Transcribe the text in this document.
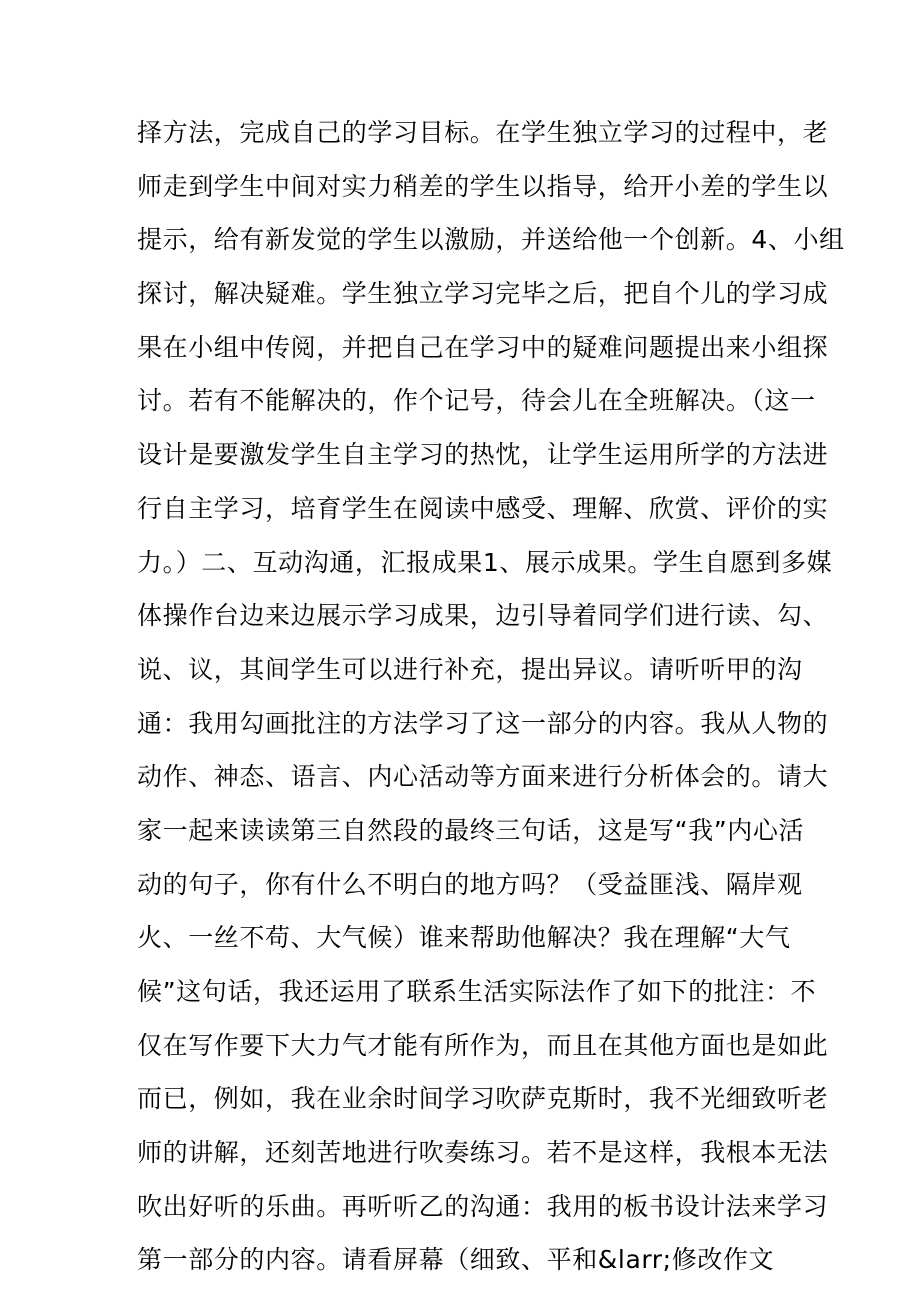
择方法，完成自己的学习目标。在学生独立学习的过程中，老
师走到学生中间对实力稍差的学生以指导，给开小差的学生以
提示，给有新发觉的学生以激励，并送给他一个创新。4、小组
探讨，解决疑难。学生独立学习完毕之后，把自个儿的学习成
果在小组中传阅，并把自己在学习中的疑难问题提出来小组探
讨。若有不能解决的，作个记号，待会儿在全班解决。（这一
设计是要激发学生自主学习的热忱，让学生运用所学的方法进
行自主学习，培育学生在阅读中感受、理解、欣赏、评价的实
力。）二、互动沟通，汇报成果1、展示成果。学生自愿到多媒
体操作台边来边展示学习成果，边引导着同学们进行读、勾、
说、议，其间学生可以进行补充，提出异议。请听听甲的沟
通：我用勾画批注的方法学习了这一部分的内容。我从人物的
动作、神态、语言、内心活动等方面来进行分析体会的。请大
家一起来读读第三自然段的最终三句话，这是写“我”内心活
动的句子，你有什么不明白的地方吗？（受益匪浅、隔岸观
火、一丝不苟、大气候）谁来帮助他解决？我在理解“大气
候”这句话，我还运用了联系生活实际法作了如下的批注：不
仅在写作要下大力气才能有所作为，而且在其他方面也是如此
而已，例如，我在业余时间学习吹萨克斯时，我不光细致听老
师的讲解，还刻苦地进行吹奏练习。若不是这样，我根本无法
吹出好听的乐曲。再听听乙的沟通：我用的板书设计法来学习
第一部分的内容。请看屏幕（细致、平和&larr;修改作文
